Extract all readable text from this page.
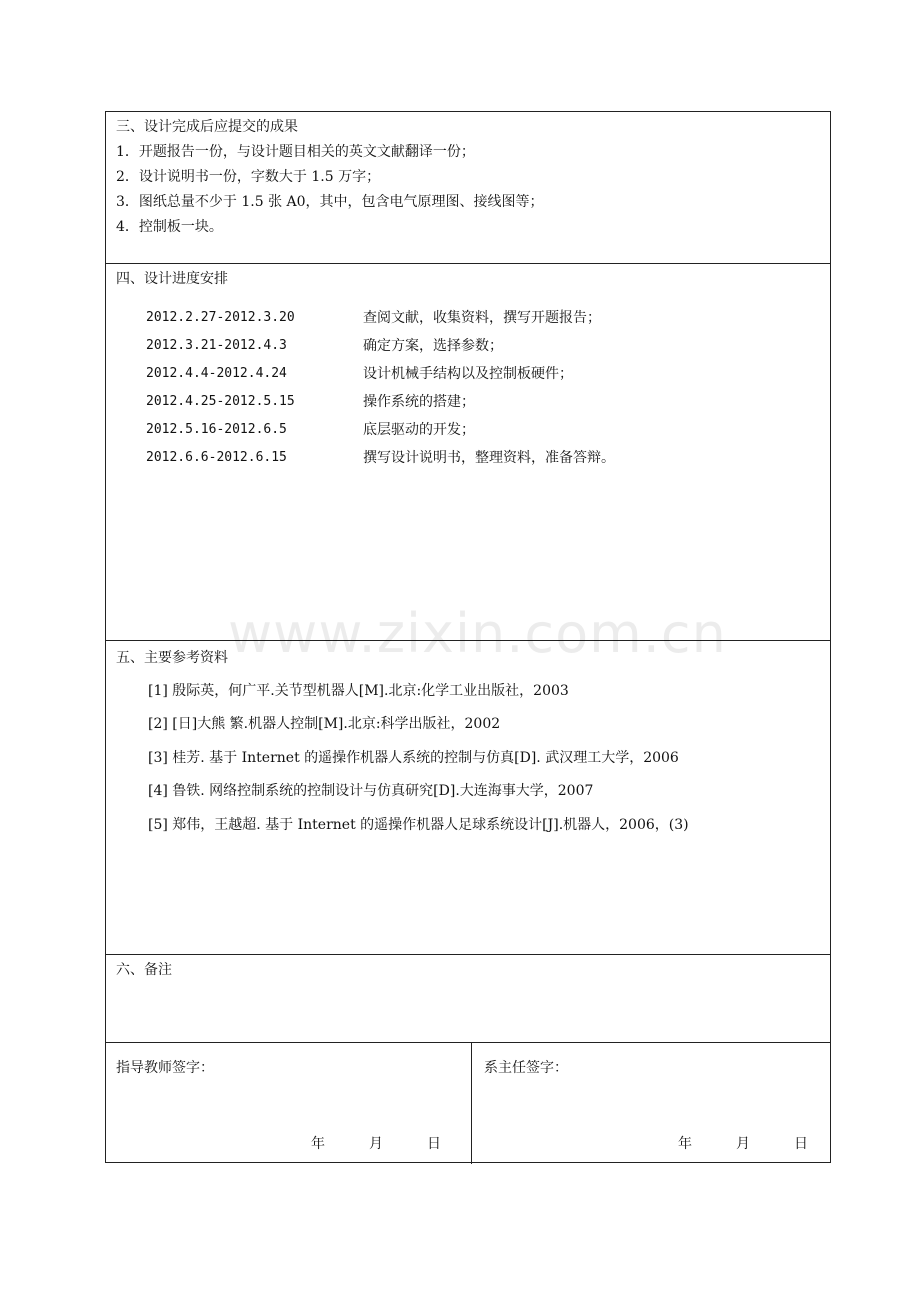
三、设计完成后应提交的成果
1．开题报告一份，与设计题目相关的英文文献翻译一份；
2．设计说明书一份，字数大于 1.5 万字；
3．图纸总量不少于 1.5 张 A0，其中，包含电气原理图、接线图等；
4．控制板一块。
四、设计进度安排
2012.2.27-2012.3.20	查阅文献，收集资料，撰写开题报告；
2012.3.21-2012.4.3	确定方案，选择参数；
2012.4.4-2012.4.24	设计机械手结构以及控制板硬件；
2012.4.25-2012.5.15	操作系统的搭建；
2012.5.16-2012.6.5	底层驱动的开发；
2012.6.6-2012.6.15	撰写设计说明书，整理资料，准备答辩。
五、主要参考资料
[1] 殷际英，何广平.关节型机器人[M].北京:化学工业出版社，2003
[2] [日]大熊 繁.机器人控制[M].北京:科学出版社，2002
[3] 桂芳. 基于 Internet 的遥操作机器人系统的控制与仿真[D]. 武汉理工大学，2006
[4] 鲁铁. 网络控制系统的控制设计与仿真研究[D].大连海事大学，2007
[5] 郑伟，王越超. 基于 Internet 的遥操作机器人足球系统设计[J].机器人，2006，(3)
六、备注
指导教师签字：
年	月	日
系主任签字：
年	月	日
www.zixin.com.cn
